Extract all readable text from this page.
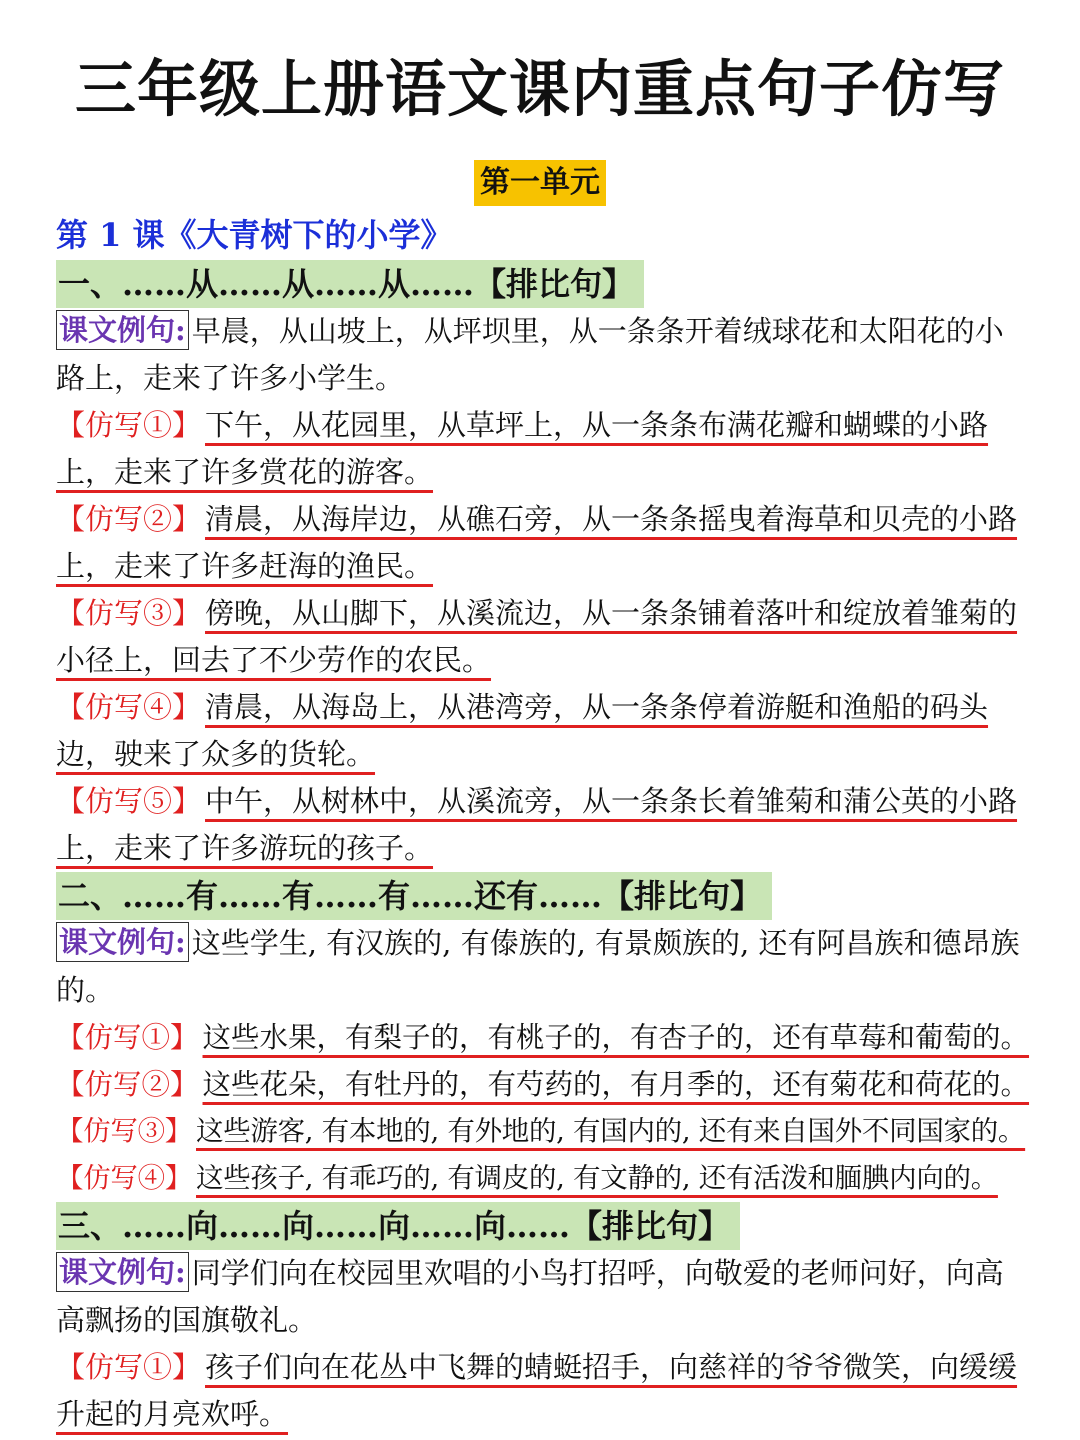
三年级上册语文课内重点句子仿写
第一单元
第 1 课《大青树下的小学》
一、……从……从……从……【排比句】

课文例句: 早晨，从山坡上，从坪坝里，从一条条开着绒球花和太阳花的小路上，走来了许多小学生。

【仿写①】 下午，从花园里，从草坪上，从一条条布满花瓣和蝴蝶的小路上，走来了许多赏花的游客。

【仿写②】 清晨，从海岸边，从礁石旁，从一条条摇曳着海草和贝壳的小路上，走来了许多赶海的渔民。

【仿写③】 傍晚，从山脚下，从溪流边，从一条条铺着落叶和绽放着雏菊的小径上，回去了不少劳作的农民。

【仿写④】 清晨，从海岛上，从港湾旁，从一条条停着游艇和渔船的码头边，驶来了众多的货轮。

【仿写⑤】 中午，从树林中，从溪流旁，从一条条长着雏菊和蒲公英的小路上，走来了许多游玩的孩子。

二、……有……有……有……还有……【排比句】

课文例句: 这些学生, 有汉族的, 有傣族的, 有景颇族的, 还有阿昌族和德昂族的。

【仿写①】 这些水果，有梨子的，有桃子的，有杏子的，还有草莓和葡萄的。

【仿写②】 这些花朵，有牡丹的，有芍药的，有月季的，还有菊花和荷花的。

【仿写③】 这些游客, 有本地的, 有外地的, 有国内的, 还有来自国外不同国家的。

【仿写④】 这些孩子, 有乖巧的, 有调皮的, 有文静的, 还有活泼和腼腆内向的。

三、……向……向……向……向……【排比句】

课文例句: 同学们向在校园里欢唱的小鸟打招呼，向敬爱的老师问好，向高高飘扬的国旗敬礼。

【仿写①】 孩子们向在花丛中飞舞的蜻蜓招手，向慈祥的爷爷微笑，向缓缓升起的月亮欢呼。
